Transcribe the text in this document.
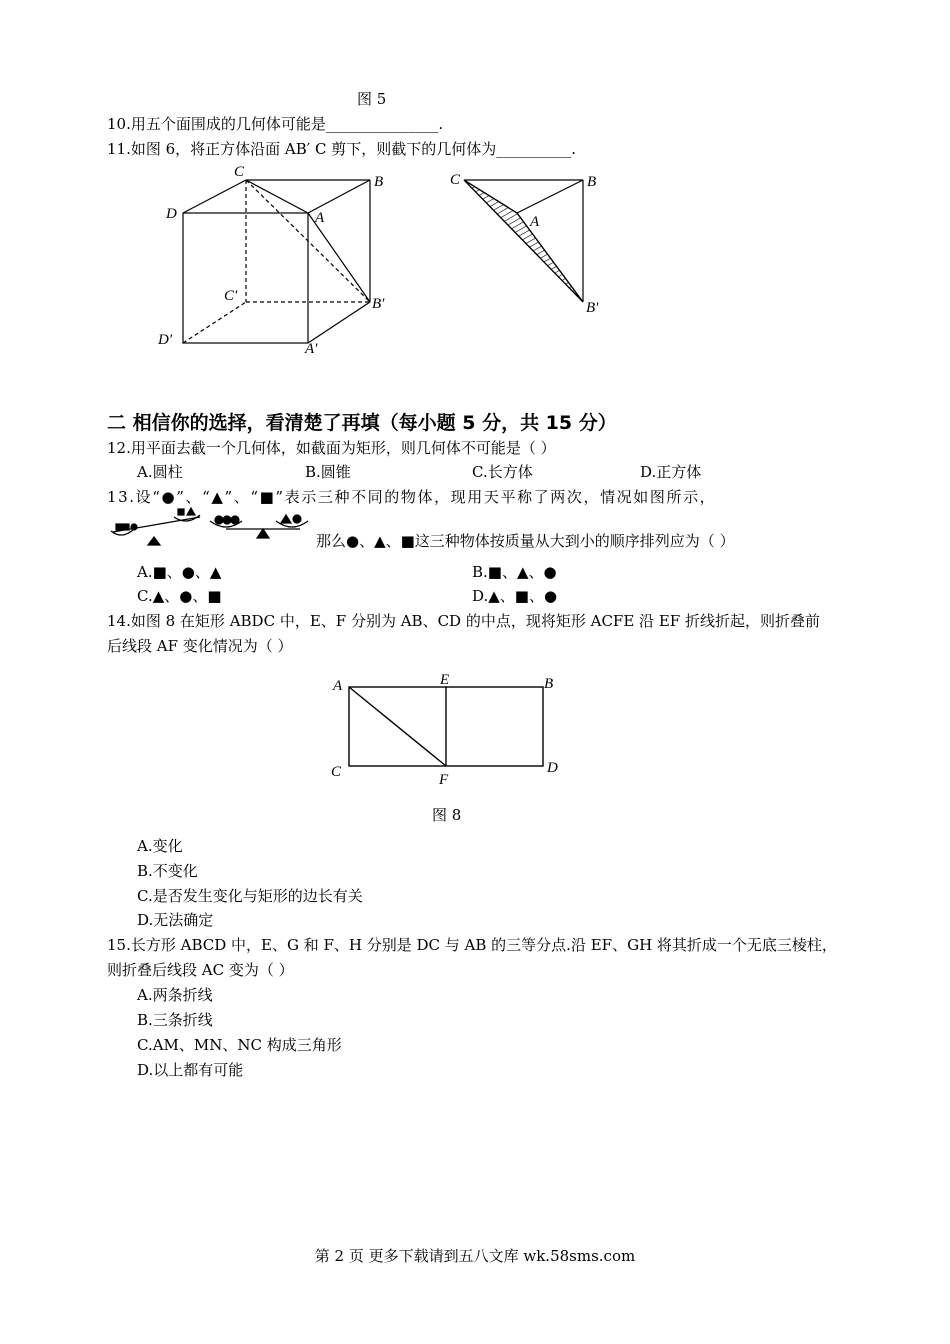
图 5
10.用五个面围成的几何体可能是_______________.
11.如图 6，将正方体沿面 AB′ C 剪下，则截下的几何体为__________.
C
B
D	A
C′	B′
D′
A′
C	B
A
B′
二 相信你的选择，看清楚了再填（每小题 5 分，共 15 分）
12.用平面去截一个几何体，如截面为矩形，则几何体不可能是（ ）
A.圆柱	B.圆锥	C.长方体	D.正方体
13.设“●”、“▲”、“■”表示三种不同的物体，现用天平称了两次，情况如图所示，
那么●、▲、■这三种物体按质量从大到小的顺序排列应为（ ）
A.■、●、▲	B.■、▲、●
C.▲、●、■	D.▲、■、●
14.如图 8 在矩形 ABDC 中，E、F 分别为 AB、CD 的中点，现将矩形 ACFE 沿 EF 折线折起，则折叠前
后线段 AF 变化情况为（ ）
A	E	B
C	F
D
图 8
A.变化
B.不变化
C.是否发生变化与矩形的边长有关
D.无法确定
15.长方形 ABCD 中，E、G 和 F、H 分别是 DC 与 AB 的三等分点.沿 EF、GH 将其折成一个无底三棱柱，
则折叠后线段 AC 变为（ ）
A.两条折线
B.三条折线
C.AM、MN、NC 构成三角形
D.以上都有可能
第 2 页 更多下载请到五八文库 wk.58sms.com
